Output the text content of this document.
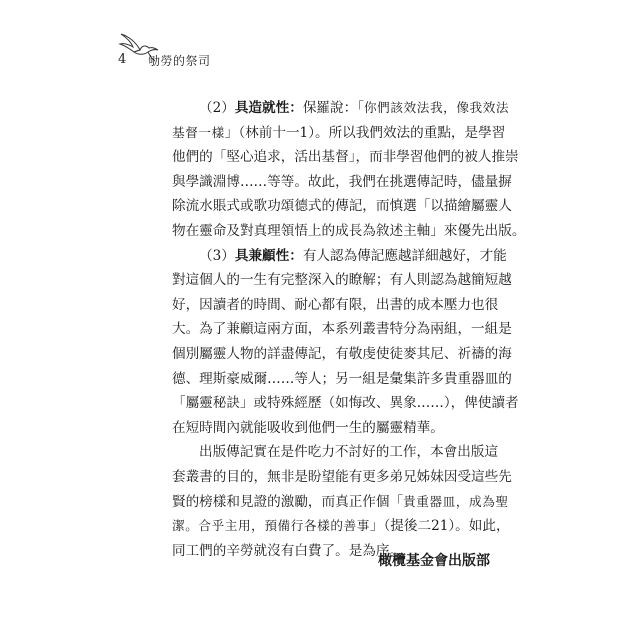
4 劬勞的祭司
（2）具造就性：保羅說：「你們該效法我，像我效法
基督一樣」（林前十一1）。所以我們效法的重點，是學習
他們的「堅心追求，活出基督」，而非學習他們的被人推崇
與學識淵博……等等。故此，我們在挑選傳記時，儘量摒
除流水賬式或歌功頌德式的傳記，而慎選「以描繪屬靈人
物在靈命及對真理領悟上的成長為敘述主軸」來優先出版。
（3）具兼顧性：有人認為傳記應越詳細越好，才能
對這個人的一生有完整深入的瞭解；有人則認為越簡短越
好，因讀者的時間、耐心都有限，出書的成本壓力也很
大。為了兼顧這兩方面，本系列叢書特分為兩組，一組是
個別屬靈人物的詳盡傳記，有敬虔使徒麥其尼、祈禱的海
德、理斯豪威爾……等人；另一組是彙集許多貴重器皿的
「屬靈秘訣」或特殊經歷（如悔改、異象……），俾使讀者
在短時間內就能吸收到他們一生的屬靈精華。
出版傳記實在是件吃力不討好的工作，本會出版這
套叢書的目的，無非是盼望能有更多弟兄姊妹因受這些先
賢的榜樣和見證的激勵，而真正作個「貴重器皿，成為聖
潔。合乎主用，預備行各樣的善事」（提後二21）。如此，
同工們的辛勞就沒有白費了。是為序。
橄欖基金會出版部
